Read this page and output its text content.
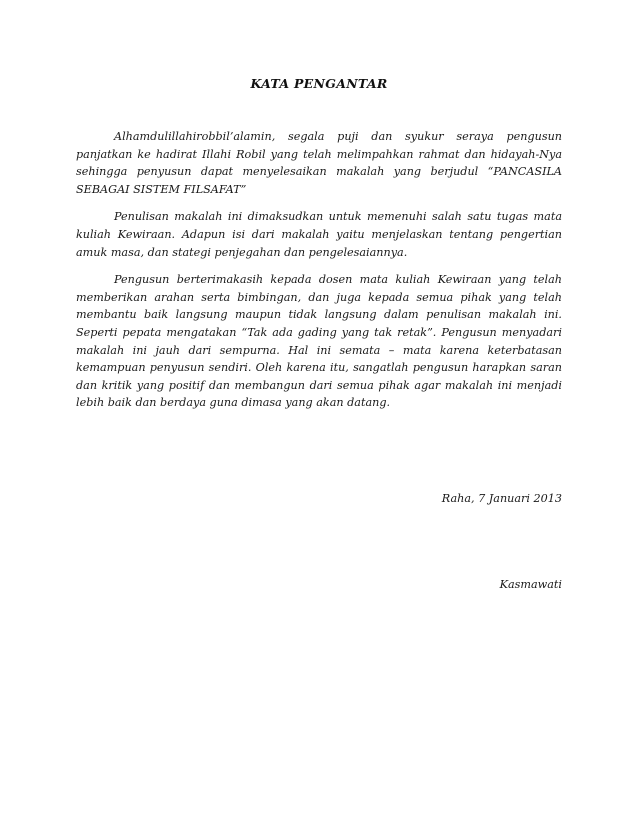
KATA PENGANTAR

Alhamdulillahirobbil’alamin, segala puji dan syukur seraya pengusun panjatkan ke hadirat Illahi Robil yang telah melimpahkan rahmat dan hidayah-Nya sehingga penyusun dapat menyelesaikan makalah yang berjudul “PANCASILA SEBAGAI SISTEM FILSAFAT”

Penulisan makalah ini dimaksudkan untuk memenuhi salah satu tugas mata kuliah Kewiraan. Adapun isi dari makalah yaitu menjelaskan tentang pengertian amuk masa, dan stategi penjegahan dan pengelesaiannya.

Pengusun berterimakasih kepada dosen mata kuliah Kewiraan yang telah memberikan arahan serta bimbingan, dan juga kepada semua pihak yang telah membantu baik langsung maupun tidak langsung dalam penulisan makalah ini. Seperti pepata mengatakan “Tak ada gading yang tak retak”. Pengusun menyadari makalah ini jauh dari sempurna. Hal ini semata – mata karena keterbatasan kemampuan penyusun sendiri. Oleh karena itu, sangatlah pengusun harapkan saran dan kritik yang positif dan membangun dari semua pihak agar makalah ini menjadi lebih baik dan berdaya guna dimasa yang akan datang.

Raha, 7 Januari 2013
Kasmawati
